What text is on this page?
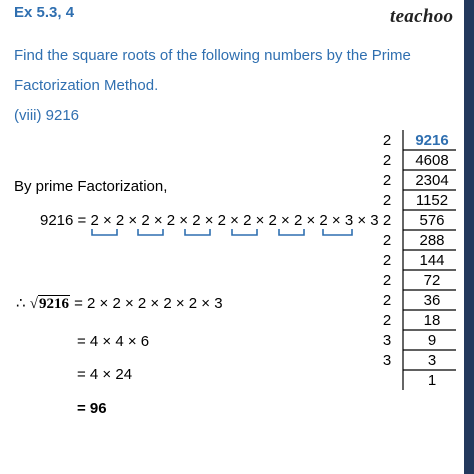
teachoo
Ex 5.3, 4
Find the square roots of the following numbers by the Prime
Factorization Method.
(viii) 9216
By prime Factorization,
9216 = 2 × 2 × 2 × 2 × 2 × 2 × 2 × 2 × 2 × 2 × 3 × 3
∴ √9216 = 2 × 2 × 2 × 2 × 2 × 3
= 4 × 4 × 6
= 4 × 24
= 96
9216
2
4608
2
2304
2
1152
2
576
2
288
2
144
2
72
2
36
2
18
2
9
3
3
3
1
